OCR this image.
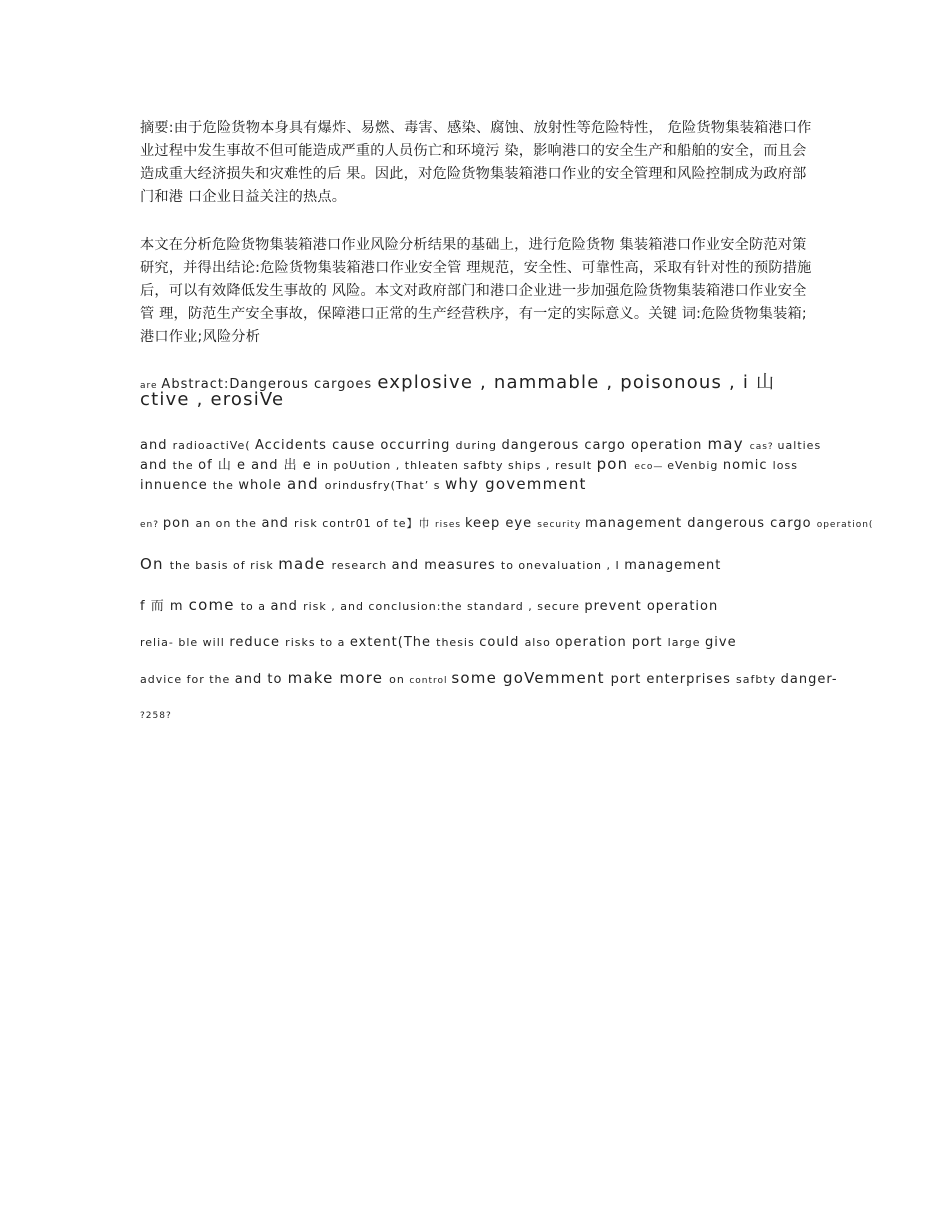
摘要:由于危险货物本身具有爆炸、易燃、毒害、感染、腐蚀、放射性等危险特性， 危险货物集装箱港口作业过程中发生事故不但可能造成严重的人员伤亡和环境污 染，影响港口的安全生产和船舶的安全，而且会造成重大经济损失和灾难性的后 果。因此，对危险货物集装箱港口作业的安全管理和风险控制成为政府部门和港 口企业日益关注的热点。

本文在分析危险货物集装箱港口作业风险分析结果的基础上，进行危险货物 集装箱港口作业安全防范对策研究，并得出结论:危险货物集装箱港口作业安全管 理规范，安全性、可靠性高，采取有针对性的预防措施后，可以有效降低发生事故的 风险。本文对政府部门和港口企业进一步加强危险货物集装箱港口作业安全管 理，防范生产安全事故，保障港口正常的生产经营秩序，有一定的实际意义。关键 词:危险货物集装箱;港口作业;风险分析

are Abstract:Dangerous cargoes explosive , nammable , poisonous , i 山
ctive , erosiVe
and radioactiVe( Accidents cause occurring during dangerous cargo operation may cas? ualties
and the of 山 e and 出 e in poUution , thIeaten safbty ships , result pon eco— eVenbig nomic loss
innuence the whole and orindusfry(That’ s why govemment
en? pon an on the and risk contr01 of te】巾 rises keep eye security management dangerous cargo operation(
On the basis of risk made research and measures to onevaluation , I management
f 而 m come to a and risk , and conclusion:the standard , secure prevent operation
relia- ble will reduce risks to a extent(The thesis could also operation port large give
advice for the and to make more on control some goVemment port enterprises safbty danger-
?258?
